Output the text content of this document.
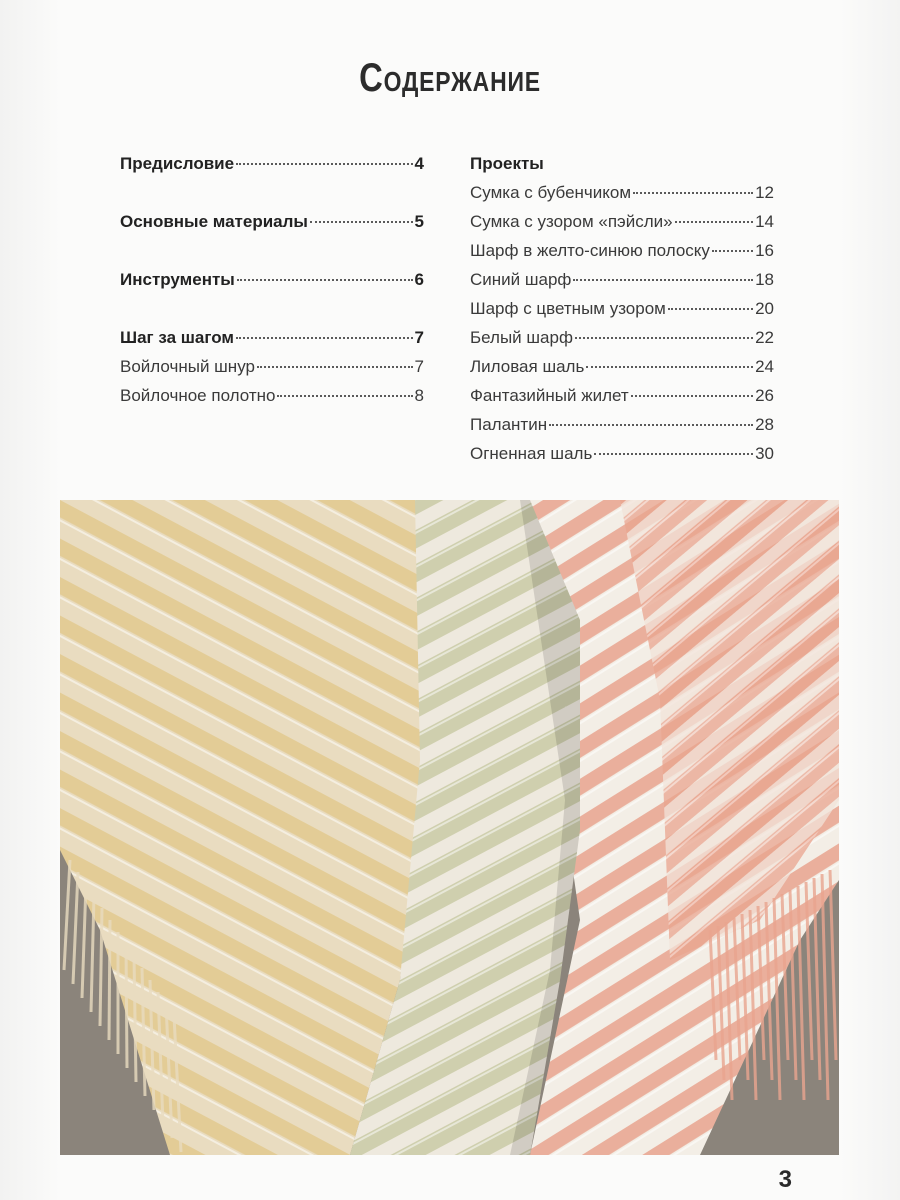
Содержание
Предисловие	4
Основные материалы	5
Инструменты	6
Шаг за шагом	7
Войлочный шнур	7
Войлочное полотно	8
Проекты
Сумка с бубенчиком	12
Сумка с узором «пэйсли»	14
Шарф в желто-синюю полоску	16
Синий шарф	18
Шарф с цветным узором	20
Белый шарф	22
Лиловая шаль	24
Фантазийный жилет	26
Палантин	28
Огненная шаль	30
3
